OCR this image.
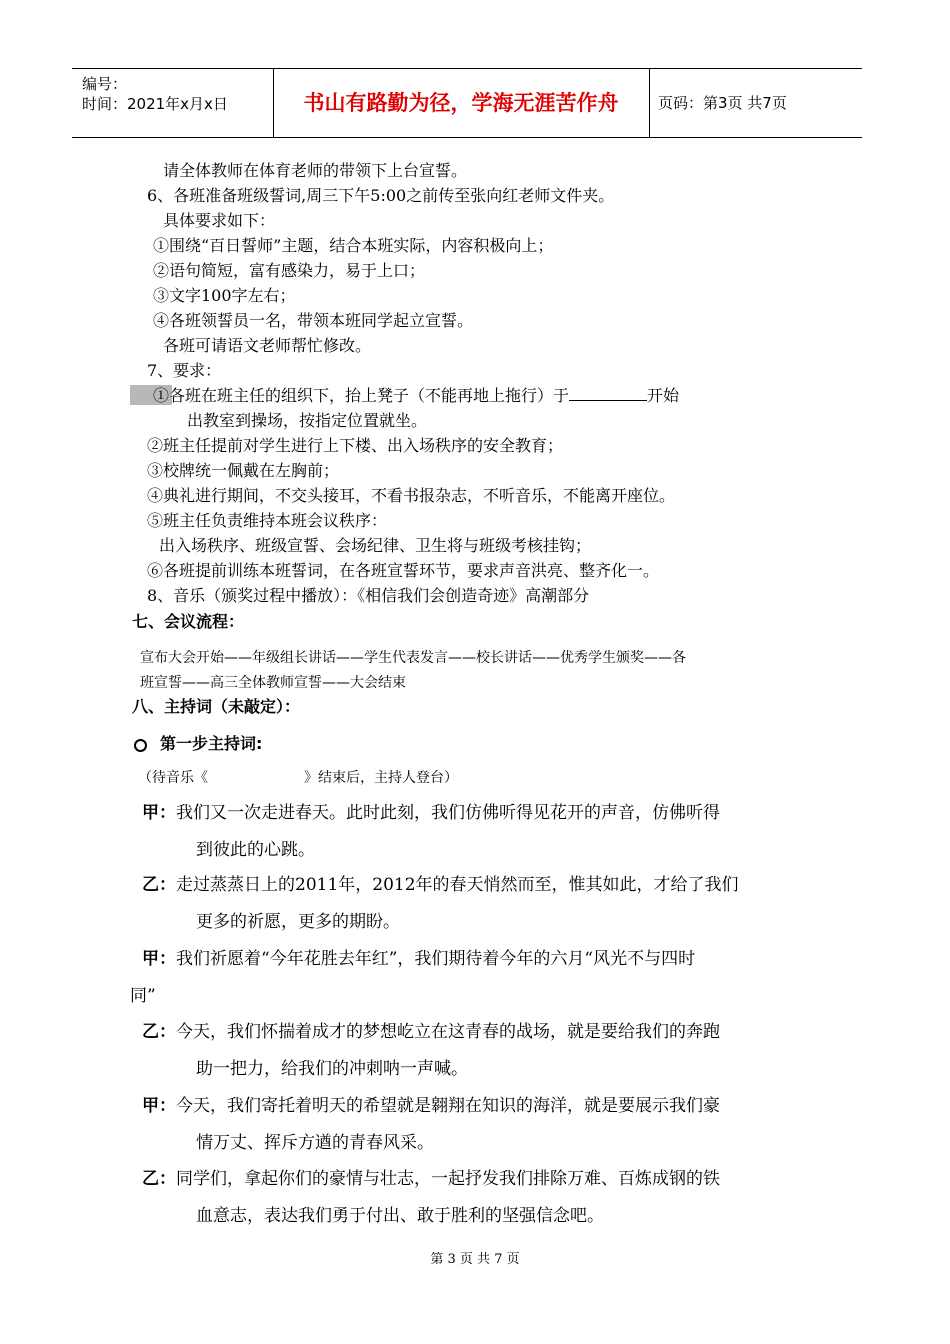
编号：
时间：2021年x月x日	书山有路勤为径，学海无涯苦作舟	页码：第3页 共7页
请全体教师在体育老师的带领下上台宣誓。
6、各班准备班级誓词,周三下午5:00之前传至张向红老师文件夹。
具体要求如下：
①围绕“百日誓师”主题，结合本班实际，内容积极向上；
②语句简短，富有感染力，易于上口；
③文字100字左右；
④各班领誓员一名，带领本班同学起立宣誓。
各班可请语文老师帮忙修改。
7、要求：
①各班在班主任的组织下，抬上凳子（不能再地上拖行）于	开始
出教室到操场，按指定位置就坐。
②班主任提前对学生进行上下楼、出入场秩序的安全教育；
③校牌统一佩戴在左胸前；
④典礼进行期间，不交头接耳，不看书报杂志，不听音乐，不能离开座位。
⑤班主任负责维持本班会议秩序：
出入场秩序、班级宣誓、会场纪律、卫生将与班级考核挂钩；
⑥各班提前训练本班誓词，在各班宣誓环节，要求声音洪亮、整齐化一。
8、音乐（颁奖过程中播放）：《相信我们会创造奇迹》高潮部分
七、会议流程：
宣布大会开始——年级组长讲话——学生代表发言——校长讲话——优秀学生颁奖——各
班宣誓——高三全体教师宣誓——大会结束
八、主持词（未敲定）：
第一步主持词:
（待音乐《	》结束后，主持人登台）
甲：我们又一次走进春天。此时此刻，我们仿佛听得见花开的声音，仿佛听得
到彼此的心跳。
乙：走过蒸蒸日上的2011年，2012年的春天悄然而至，惟其如此，才给了我们
更多的祈愿，更多的期盼。
甲：我们祈愿着“今年花胜去年红”，我们期待着今年的六月“风光不与四时
同”
乙：今天，我们怀揣着成才的梦想屹立在这青春的战场，就是要给我们的奔跑
助一把力，给我们的冲刺呐一声喊。
甲：今天，我们寄托着明天的希望就是翱翔在知识的海洋，就是要展示我们豪
情万丈、挥斥方遒的青春风采。
乙：同学们，拿起你们的豪情与壮志，一起抒发我们排除万难、百炼成钢的铁
血意志，表达我们勇于付出、敢于胜利的坚强信念吧。
第 3 页 共 7 页
